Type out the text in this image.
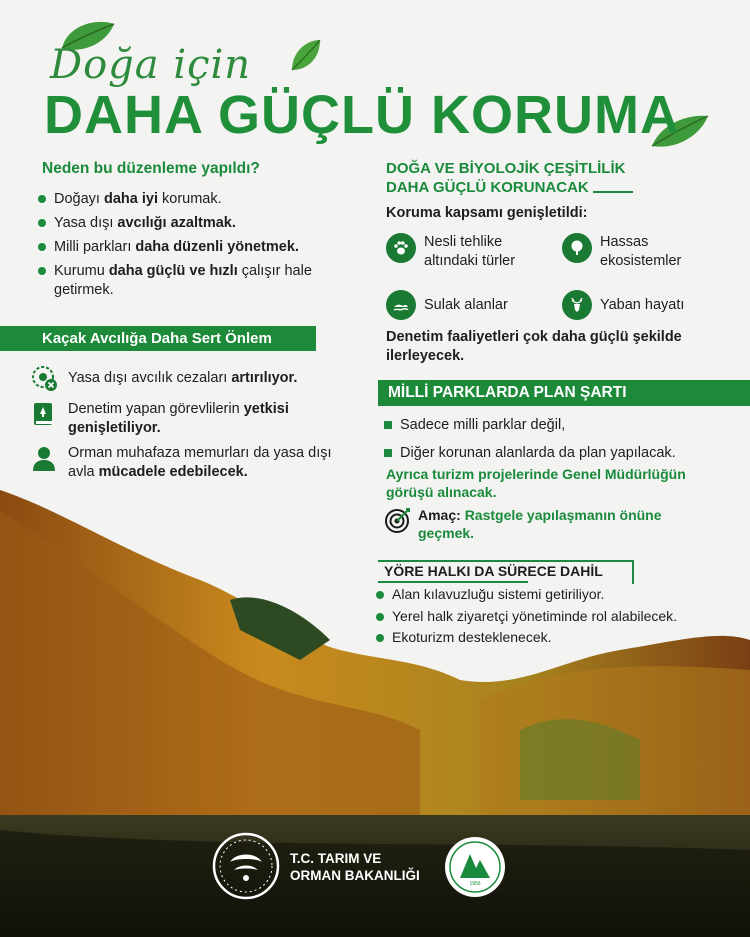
Doğa için
DAHA GÜÇLÜ KORUMA
Neden bu düzenleme yapıldı?
Doğayı daha iyi korumak.
Yasa dışı avcılığı azaltmak.
Milli parkları daha düzenli yönetmek.
Kurumu daha güçlü ve hızlı çalışır hale getirmek.
Kaçak Avcılığa Daha Sert Önlem
Yasa dışı avcılık cezaları artırılıyor.
Denetim yapan görevlilerin yetkisi genişletiliyor.
Orman muhafaza memurları da yasa dışı avla mücadele edebilecek.
DOĞA VE BİYOLOJİK ÇEŞİTLİLİK
DAHA GÜÇLÜ KORUNACAK
Koruma kapsamı genişletildi:
Nesli tehlike altındaki türler
Hassas ekosistemler
Sulak alanlar	Yaban hayatı
Denetim faaliyetleri çok daha güçlü şekilde ilerleyecek.
MİLLİ PARKLARDA PLAN ŞARTI
Sadece milli parklar değil,
Diğer korunan alanlarda da plan yapılacak.
Ayrıca turizm projelerinde Genel Müdürlüğün görüşü alınacak.
Amaç: Rastgele yapılaşmanın önüne geçmek.
YÖRE HALKI DA SÜRECE DAHİL
Alan kılavuzluğu sistemi getiriliyor.
Yerel halk ziyaretçi yönetiminde rol alabilecek.
Ekoturizm desteklenecek.
T.C. TARIM VE
ORMAN BAKANLIĞI
1956
